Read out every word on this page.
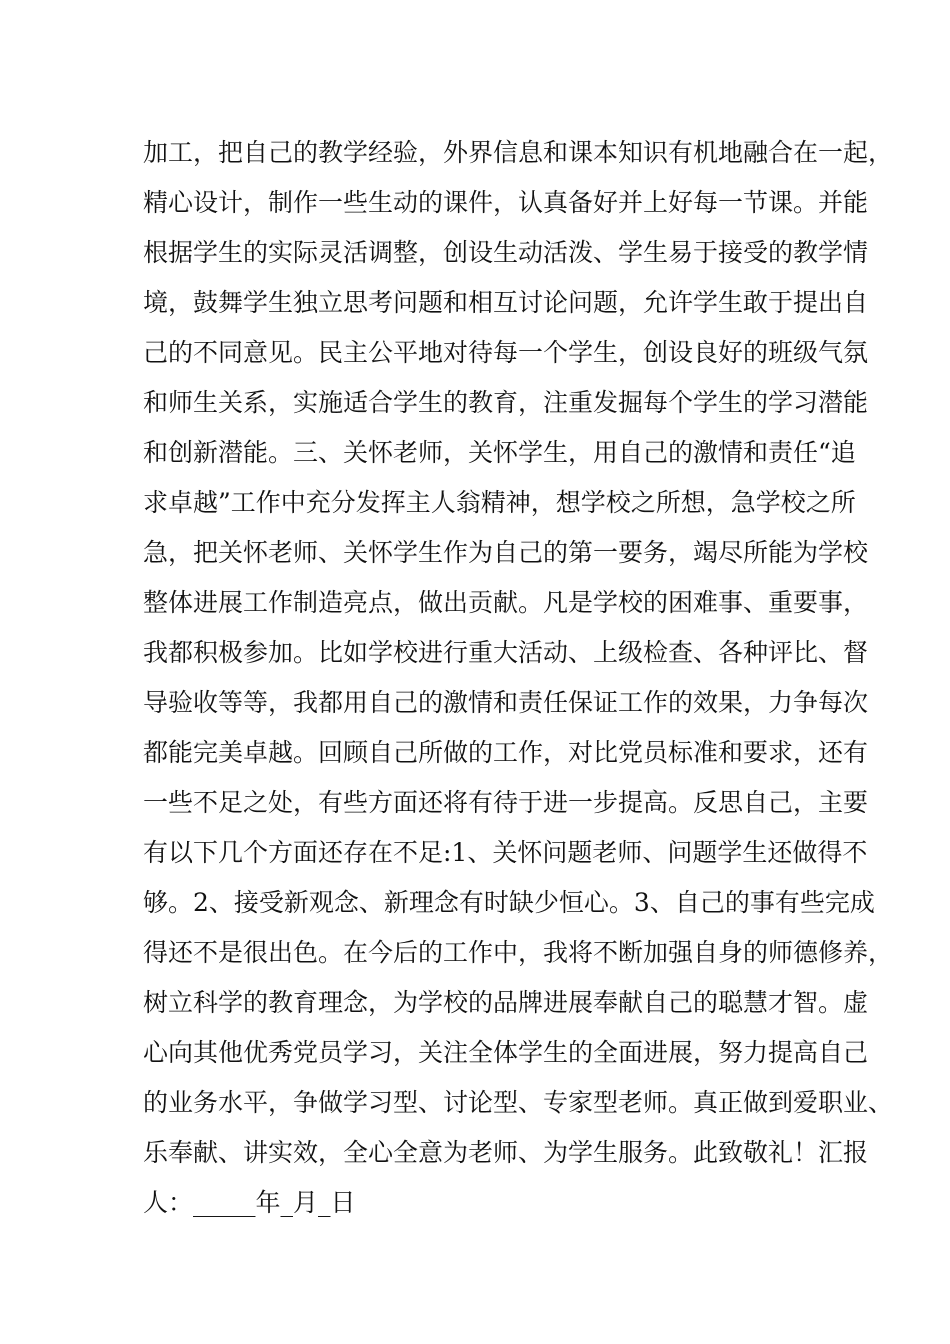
加工，把自己的教学经验，外界信息和课本知识有机地融合在一起，
精心设计，制作一些生动的课件，认真备好并上好每一节课。并能
根据学生的实际灵活调整，创设生动活泼、学生易于接受的教学情
境，鼓舞学生独立思考问题和相互讨论问题，允许学生敢于提出自
己的不同意见。民主公平地对待每一个学生，创设良好的班级气氛
和师生关系，实施适合学生的教育，注重发掘每个学生的学习潜能
和创新潜能。三、关怀老师，关怀学生，用自己的激情和责任“追
求卓越”工作中充分发挥主人翁精神，想学校之所想，急学校之所
急，把关怀老师、关怀学生作为自己的第一要务，竭尽所能为学校
整体进展工作制造亮点，做出贡献。凡是学校的困难事、重要事，
我都积极参加。比如学校进行重大活动、上级检查、各种评比、督
导验收等等，我都用自己的激情和责任保证工作的效果，力争每次
都能完美卓越。回顾自己所做的工作，对比党员标准和要求，还有
一些不足之处，有些方面还将有待于进一步提高。反思自己，主要
有以下几个方面还存在不足:1、关怀问题老师、问题学生还做得不
够。2、接受新观念、新理念有时缺少恒心。3、自己的事有些完成
得还不是很出色。在今后的工作中，我将不断加强自身的师德修养，
树立科学的教育理念，为学校的品牌进展奉献自己的聪慧才智。虚
心向其他优秀党员学习，关注全体学生的全面进展，努力提高自己
的业务水平，争做学习型、讨论型、专家型老师。真正做到爱职业、
乐奉献、讲实效，全心全意为老师、为学生服务。此致敬礼！汇报
人：_____年_月_日
